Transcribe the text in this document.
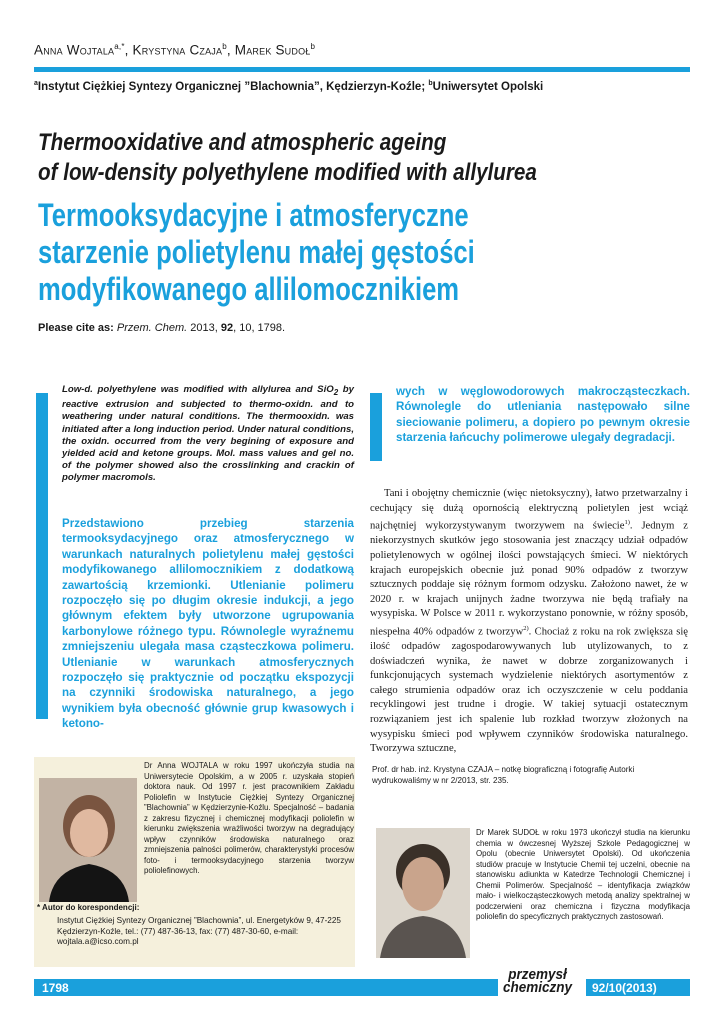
Anna Wojtala$^{a,*}$, Krystyna Czaja$^b$, Marek Sudoł$^b$
$^a$Instytut Ciężkiej Syntezy Organicznej ”Blachownia”, Kędzierzyn-Koźle; $^b$Uniwersytet Opolski
Thermooxidative and atmospheric ageing
of low-density polyethylene modified with allylurea
Termooksydacyjne i atmosferyczne
starzenie polietylenu małej gęstości
modyfikowanego allilomocznikiem
Please cite as: Przem. Chem. 2013, 92, 10, 1798.
Low-d. polyethylene was modified with allylurea and SiO$_2$ by reactive extrusion and subjected to thermo-oxidn. and to weathering under natural conditions. The thermooxidn. was initiated after a long induction period. Under natural conditions, the oxidn. occurred from the very begining of exposure and yielded acid and ketone groups. Mol. mass values and gel no. of the polymer showed also the crosslinking and crackin of polymer macromols.
Przedstawiono przebieg starzenia termooksydacyjnego oraz atmosferycznego w warunkach naturalnych polietylenu małej gęstości modyfikowanego allilomocznikiem z dodatkową zawartością krzemionki. Utlenianie polimeru rozpoczęło się po długim okresie indukcji, a jego głównym efektem były utworzone ugrupowania karbonylowe różnego typu. Równolegle wyraźnemu zmniejszeniu ulegała masa cząsteczkowa polimeru. Utlenianie w warunkach atmosferycznych rozpoczęło się praktycznie od początku ekspozycji na czynniki środowiska naturalnego, a jego wynikiem była obecność głównie grup kwasowych i ketono-
wych w węglowodorowych makrocząsteczkach. Równolegle do utleniania następowało silne sieciowanie polimeru, a dopiero po pewnym okresie starzenia łańcuchy polimerowe ulegały degradacji.
Tani i obojętny chemicznie (więc nietoksyczny), łatwo przetwarzalny i cechujący się dużą opornością elektryczną polietylen jest wciąż najchętniej wykorzystywanym tworzywem na świecie$^{1)}$. Jednym z niekorzystnych skutków jego stosowania jest znaczący udział odpadów polietylenowych w ogólnej ilości powstających śmieci. W niektórych krajach europejskich obecnie już ponad 90% odpadów z tworzyw sztucznych poddaje się różnym formom odzysku. Założono nawet, że w 2020 r. w krajach unijnych żadne tworzywa nie będą trafiały na wysypiska. W Polsce w 2011 r. wykorzystano ponownie, w różny sposób, niespełna 40% odpadów z tworzyw$^{2)}$. Chociaż z roku na rok zwiększa się ilość odpadów zagospodarowywanych lub utylizowanych, to z doświadczeń wynika, że nawet w dobrze zorganizowanych i funkcjonujących systemach wydzielenie niektórych asortymentów z całego strumienia odpadów oraz ich oczyszczenie w celu poddania recyklingowi jest trudne i drogie. W takiej sytuacji ostatecznym rozwiązaniem jest ich spalenie lub rozkład tworzyw złożonych na wysypisku śmieci pod wpływem czynników środowiska naturalnego. Tworzywa sztuczne,
Dr Anna WOJTALA w roku 1997 ukończyła studia na Uniwersytecie Opolskim, a w 2005 r. uzyskała stopień doktora nauk. Od 1997 r. jest pracownikiem Zakładu Poliolefin w Instytucie Ciężkiej Syntezy Organicznej ”Blachownia” w Kędzierzynie-Koźlu. Specjalność – badania z zakresu fizycznej i chemicznej modyfikacji poliolefin w kierunku zwiększenia wrażliwości tworzyw na degradujący wpływ czynników środowiska naturalnego oraz zmniejszenia palności polimerów, charakterystyki procesów foto- i termooksydacyjnego starzenia tworzyw poliolefinowych.
* Autor do korespondencji:
Instytut Ciężkiej Syntezy Organicznej ”Blachownia”, ul. Energetyków 9, 47-225 Kędzierzyn-Koźle, tel.: (77) 487-36-13, fax: (77) 487-30-60, e-mail: wojtala.a@icso.com.pl
Prof. dr hab. inż. Krystyna CZAJA – notkę biograficzną i fotografię Autorki wydrukowaliśmy w nr 2/2013, str. 235.
Dr Marek SUDOŁ w roku 1973 ukończył studia na kierunku chemia w ówczesnej Wyższej Szkole Pedagogicznej w Opolu (obecnie Uniwersytet Opolski). Od ukończenia studiów pracuje w Instytucie Chemii tej uczelni, obecnie na stanowisku adiunkta w Katedrze Technologii Chemicznej i Chemii Polimerów. Specjalność – identyfikacja związków mało- i wielkocząsteczkowych metodą analizy spektralnej w podczerwieni oraz chemiczna i fizyczna modyfikacja poliolefin do specyficznych praktycznych zastosowań.
1798
przemysł
chemiczny 92/10(2013)
